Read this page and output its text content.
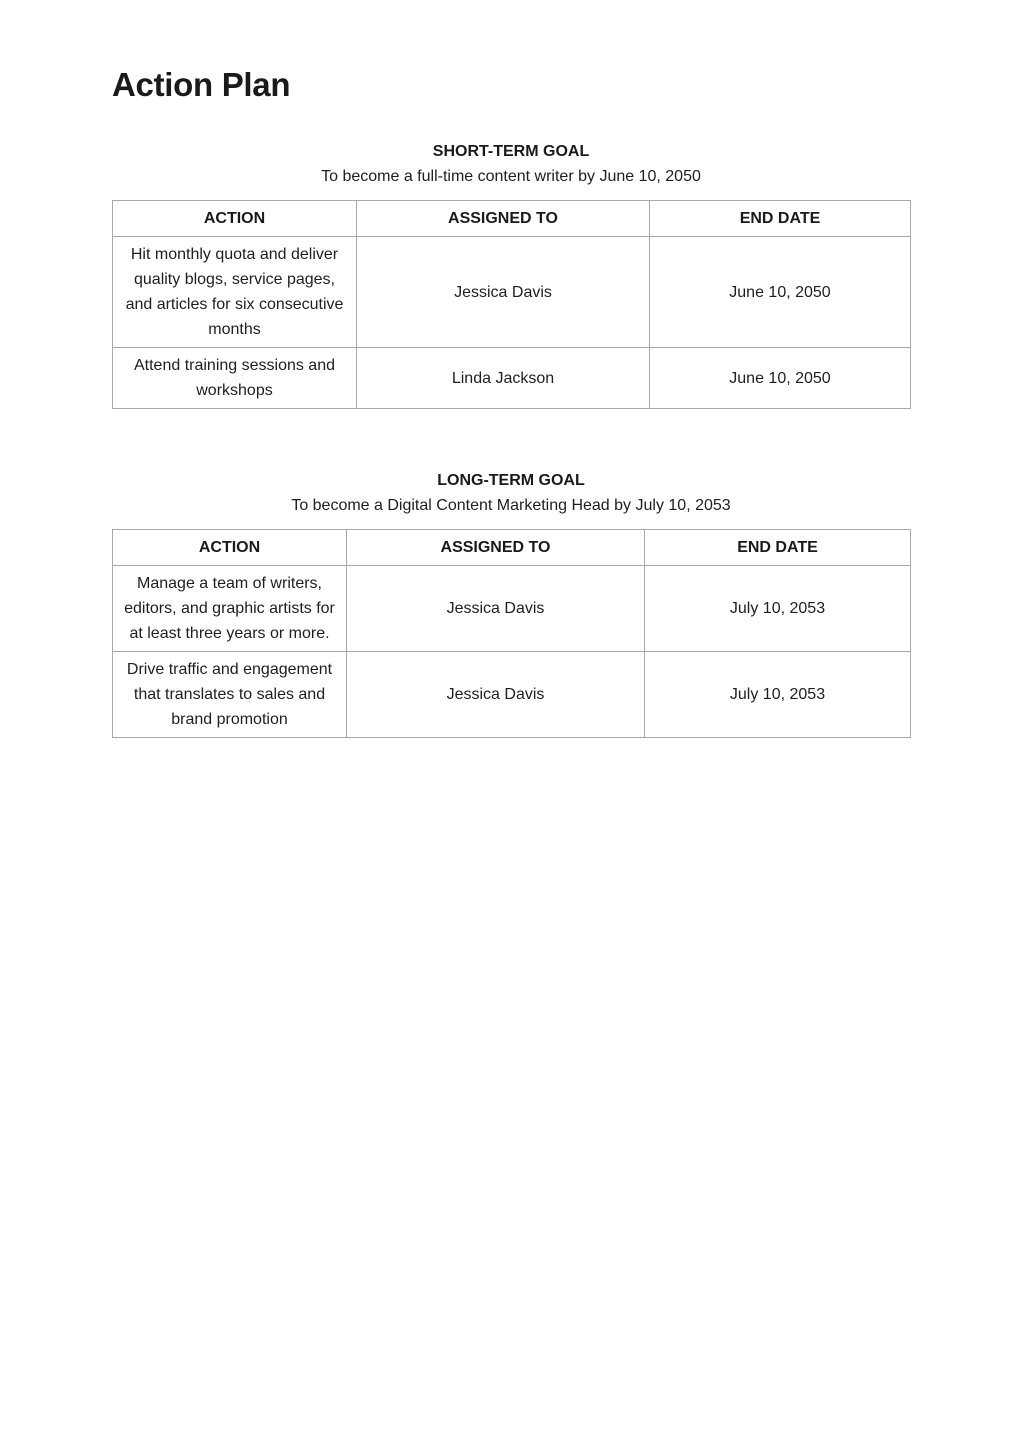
Action Plan

SHORT-TERM GOAL

To become a full-time content writer by June 10, 2050

ACTION	ASSIGNED TO	END DATE
Hit monthly quota and deliver quality blogs, service pages, and articles for six consecutive months	Jessica Davis	June 10, 2050
Attend training sessions and workshops	Linda Jackson	June 10, 2050

LONG-TERM GOAL

To become a Digital Content Marketing Head by July 10, 2053

ACTION	ASSIGNED TO	END DATE
Manage a team of writers, editors, and graphic artists for at least three years or more.	Jessica Davis	July 10, 2053
Drive traffic and engagement that translates to sales and brand promotion	Jessica Davis	July 10, 2053
